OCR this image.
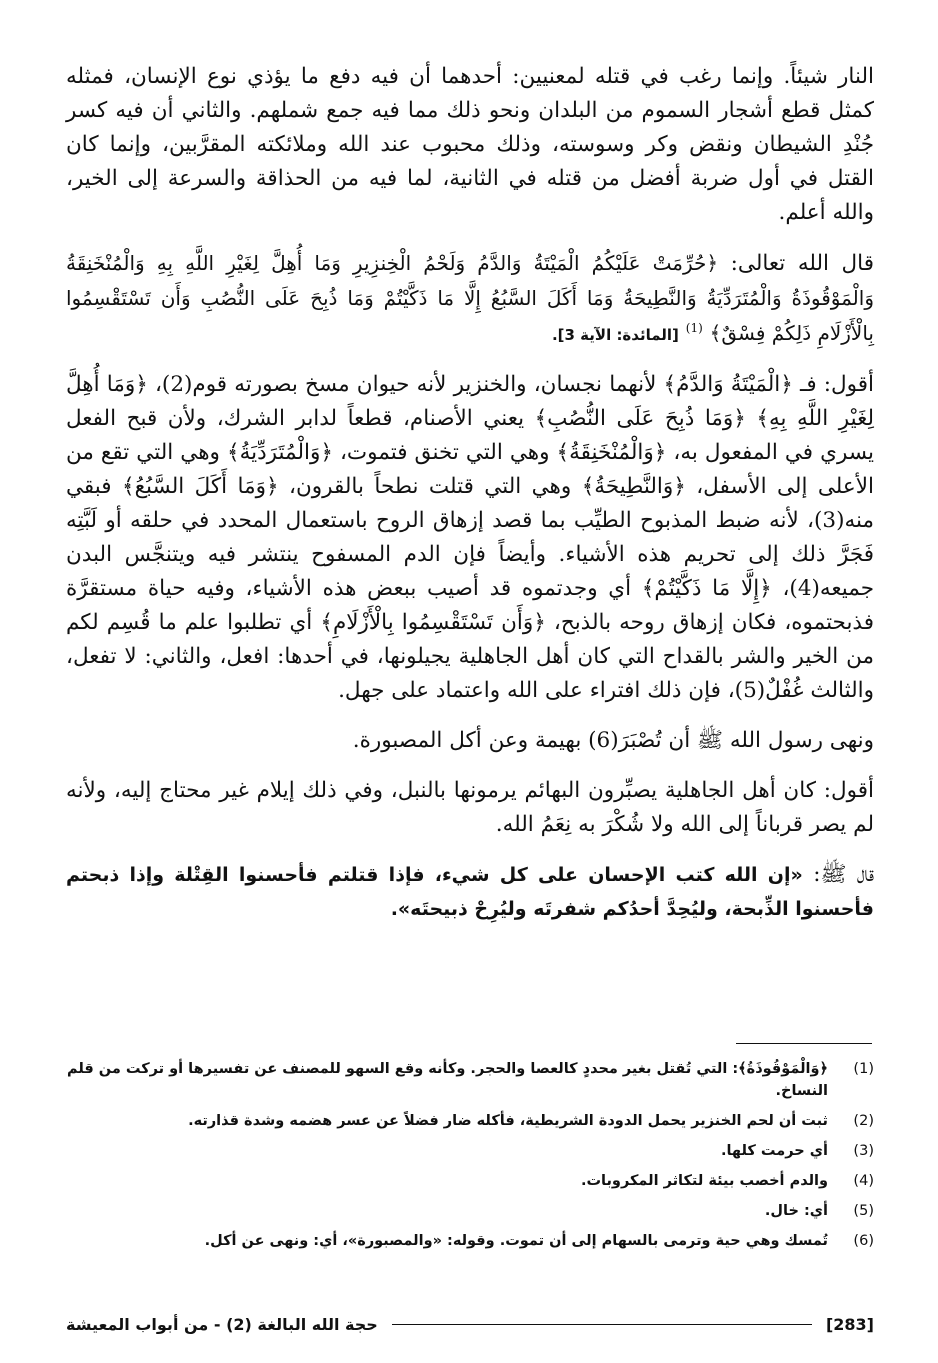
النار شيئاً. وإنما رغب في قتله لمعنيين: أحدهما أن فيه دفع ما يؤذي نوع الإنسان، فمثله كمثل قطع أشجار السموم من البلدان ونحو ذلك مما فيه جمع شملهم. والثاني أن فيه كسر جُنْدِ الشيطان ونقض وكر وسوسته، وذلك محبوب عند الله وملائكته المقرَّبين، وإنما كان القتل في أول ضربة أفضل من قتله في الثانية، لما فيه من الحذاقة والسرعة إلى الخير، والله أعلم.

قال الله تعالى: ﴿حُرِّمَتْ عَلَيْكُمُ الْمَيْتَةُ وَالدَّمُ وَلَحْمُ الْخِنزِيرِ وَمَا أُهِلَّ لِغَيْرِ اللَّهِ بِهِ وَالْمُنْخَنِقَةُ وَالْمَوْقُوذَةُ وَالْمُتَرَدِّيَةُ وَالنَّطِيحَةُ وَمَا أَكَلَ السَّبُعُ إِلَّا مَا ذَكَّيْتُمْ وَمَا ذُبِحَ عَلَى النُّصُبِ وَأَن تَسْتَقْسِمُوا بِالْأَزْلَامِ ذَلِكُمْ فِسْقٌ﴾ $^{(1)}$ [المائدة: الآية 3].

أقول: فـ ﴿الْمَيْتَةُ وَالدَّمُ﴾ لأنهما نجسان، والخنزير لأنه حيوان مسخ بصورته قوم(2)، ﴿وَمَا أُهِلَّ لِغَيْرِ اللَّهِ بِهِ﴾ ﴿وَمَا ذُبِحَ عَلَى النُّصُبِ﴾ يعني الأصنام، قطعاً لدابر الشرك، ولأن قبح الفعل يسري في المفعول به، ﴿وَالْمُنْخَنِقَةُ﴾ وهي التي تخنق فتموت، ﴿وَالْمُتَرَدِّيَةُ﴾ وهي التي تقع من الأعلى إلى الأسفل، ﴿وَالنَّطِيحَةُ﴾ وهي التي قتلت نطحاً بالقرون، ﴿وَمَا أَكَلَ السَّبُعُ﴾ فبقي منه(3)، لأنه ضبط المذبوح الطيِّب بما قصد إزهاق الروح باستعمال المحدد في حلقه أو لَبَّتِه فَجَرَّ ذلك إلى تحريم هذه الأشياء. وأيضاً فإن الدم المسفوح ينتشر فيه ويتنجَّس البدن جميعه(4)، ﴿إِلَّا مَا ذَكَّيْتُمْ﴾ أي وجدتموه قد أصيب ببعض هذه الأشياء، وفيه حياة مستقرَّة فذبحتموه، فكان إزهاق روحه بالذبح، ﴿وَأَن تَسْتَقْسِمُوا بِالْأَزْلَامِ﴾ أي تطلبوا علم ما قُسِم لكم من الخير والشر بالقداح التي كان أهل الجاهلية يجيلونها، في أحدها: افعل، والثاني: لا تفعل، والثالث غُفْلٌ(5)، فإن ذلك افتراء على الله واعتماد على جهل.

ونهى رسول الله ﷺ أن تُصْبَرَ(6) بهيمة وعن أكل المصبورة.

أقول: كان أهل الجاهلية يصبِّرون البهائم يرمونها بالنبل، وفي ذلك إيلام غير محتاج إليه، ولأنه لم يصر قرباناً إلى الله ولا شُكْرَ به نِعَمُ الله.

قال ﷺ: «إن الله كتب الإحسان على كل شيء، فإذا قتلتم فأحسنوا القِتْلة وإذا ذبحتم فأحسنوا الذِّبحة، وليُحِدَّ أحدُكم شفرتَه وليُرِحْ ذبيحتَه».

(1)
﴿وَالْمَوْقُوذَةُ﴾: التي تُقتل بغير محددٍ كالعصا والحجر. وكأنه وقع السهو للمصنف عن تفسيرها أو تركت من قلم النساخ.
(2)
ثبت أن لحم الخنزير يحمل الدودة الشريطية، فأكله ضار فضلاً عن عسر هضمه وشدة قذارته.
(3)
أي حرمت كلها.
(4)
والدم أخصب بيئة لتكاثر المكروبات.
(5)
أي: خال.
(6)
تُمسك وهي حية وترمى بالسهام إلى أن تموت. وقوله: «والمصبورة»، أي: ونهى عن أكل.
[283]
حجة الله البالغة (2) - من أبواب المعيشة
